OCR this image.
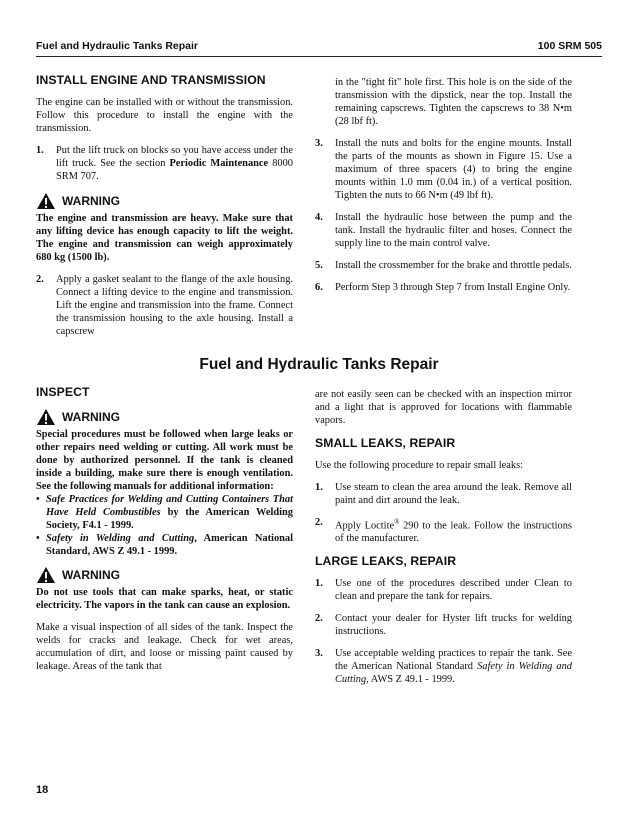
Fuel and Hydraulic Tanks Repair	100 SRM 505
INSTALL ENGINE AND TRANSMISSION

The engine can be installed with or without the transmission. Follow this procedure to install the engine with the transmission.

1. Put the lift truck on blocks so you have access under the lift truck. See the section Periodic Maintenance 8000 SRM 707.
WARNING

The engine and transmission are heavy. Make sure that any lifting device has enough capacity to lift the weight. The engine and transmission can weigh approximately 680 kg (1500 lb).

2. Apply a gasket sealant to the flange of the axle housing. Connect a lifting device to the engine and transmission. Lift the engine and transmission into the frame. Connect the transmission housing to the axle housing. Install a capscrew
in the "tight fit" hole first. This hole is on the side of the transmission with the dipstick, near the top. Install the remaining capscrews. Tighten the capscrews to 38 N•m (28 lbf ft).
3. Install the nuts and bolts for the engine mounts. Install the parts of the mounts as shown in Figure 15. Use a maximum of three spacers (4) to bring the engine mounts within 1.0 mm (0.04 in.) of a vertical position. Tighten the nuts to 66 N•m (49 lbf ft).
4. Install the hydraulic hose between the pump and the tank. Install the hydraulic filter and hoses. Connect the supply line to the main control valve.
5. Install the crossmember for the brake and throttle pedals.
6. Perform Step 3 through Step 7 from Install Engine Only.
Fuel and Hydraulic Tanks Repair
INSPECT
WARNING

Special procedures must be followed when large leaks or other repairs need welding or cutting. All work must be done by authorized personnel. If the tank is cleaned inside a building, make sure there is enough ventilation. See the following manuals for additional information:

• Safe Practices for Welding and Cutting Containers That Have Held Combustibles by the American Welding Society, F4.1 - 1999.
• Safety in Welding and Cutting, American National Standard, AWS Z 49.1 - 1999.
WARNING

Do not use tools that can make sparks, heat, or static electricity. The vapors in the tank can cause an explosion.

Make a visual inspection of all sides of the tank. Inspect the welds for cracks and leakage. Check for wet areas, accumulation of dirt, and loose or missing paint caused by leakage. Areas of the tank that

are not easily seen can be checked with an inspection mirror and a light that is approved for locations with flammable vapors.

SMALL LEAKS, REPAIR

Use the following procedure to repair small leaks:

1. Use steam to clean the area around the leak. Remove all paint and dirt around the leak.
2. Apply Loctite® 290 to the leak. Follow the instructions of the manufacturer.
LARGE LEAKS, REPAIR
1. Use one of the procedures described under Clean to clean and prepare the tank for repairs.
2. Contact your dealer for Hyster lift trucks for welding instructions.
3. Use acceptable welding practices to repair the tank. See the American National Standard Safety in Welding and Cutting, AWS Z 49.1 - 1999.
18
